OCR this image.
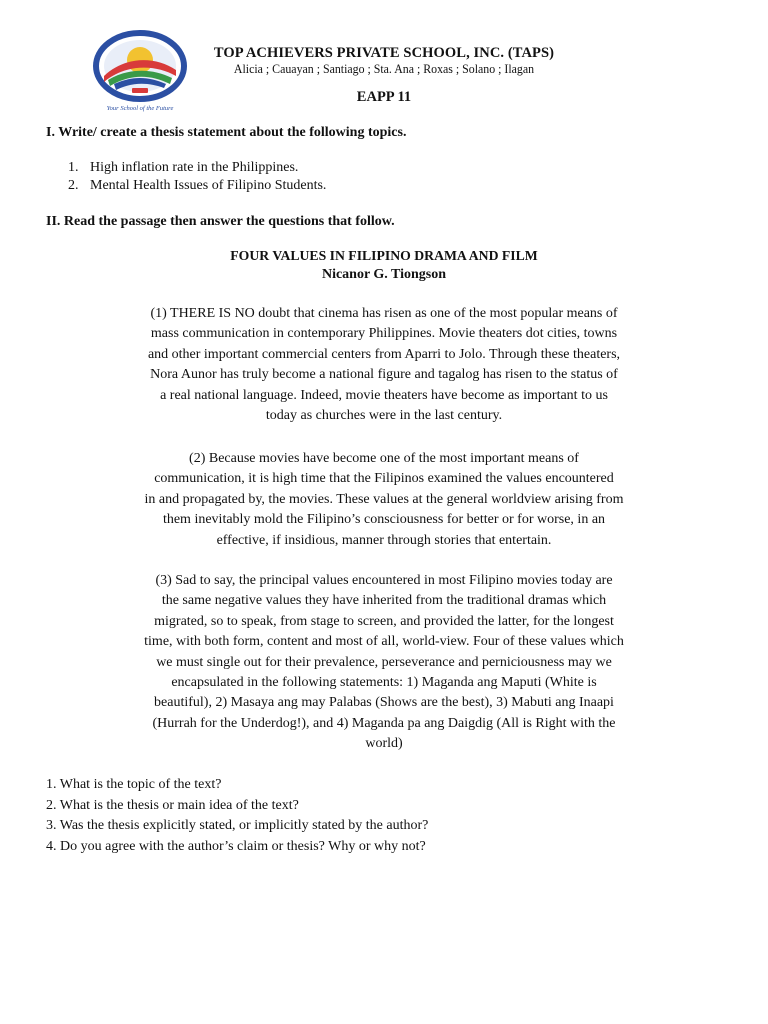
Your School of the Future
TOP ACHIEVERS PRIVATE SCHOOL, INC. (TAPS)
Alicia ; Cauayan ; Santiago ; Sta. Ana ; Roxas ; Solano ; Ilagan
EAPP 11
I. Write/ create a thesis statement about the following topics.
1. High inflation rate in the Philippines.
2. Mental Health Issues of Filipino Students.
II. Read the passage then answer the questions that follow.
FOUR VALUES IN FILIPINO DRAMA AND FILM
Nicanor G. Tiongson
(1) THERE IS NO doubt that cinema has risen as one of the most popular means of
mass communication in contemporary Philippines. Movie theaters dot cities, towns
and other important commercial centers from Aparri to Jolo. Through these theaters,
Nora Aunor has truly become a national figure and tagalog has risen to the status of
a real national language. Indeed, movie theaters have become as important to us
today as churches were in the last century.
(2) Because movies have become one of the most important means of
communication, it is high time that the Filipinos examined the values encountered
in and propagated by, the movies. These values at the general worldview arising from
them inevitably mold the Filipino’s consciousness for better or for worse, in an
effective, if insidious, manner through stories that entertain.
(3) Sad to say, the principal values encountered in most Filipino movies today are
the same negative values they have inherited from the traditional dramas which
migrated, so to speak, from stage to screen, and provided the latter, for the longest
time, with both form, content and most of all, world-view. Four of these values which
we must single out for their prevalence, perseverance and perniciousness may we
encapsulated in the following statements: 1) Maganda ang Maputi (White is
beautiful), 2) Masaya ang may Palabas (Shows are the best), 3) Mabuti ang Inaapi
(Hurrah for the Underdog!), and 4) Maganda pa ang Daigdig (All is Right with the
world)
1. What is the topic of the text?
2. What is the thesis or main idea of the text?
3. Was the thesis explicitly stated, or implicitly stated by the author?
4. Do you agree with the author’s claim or thesis? Why or why not?
